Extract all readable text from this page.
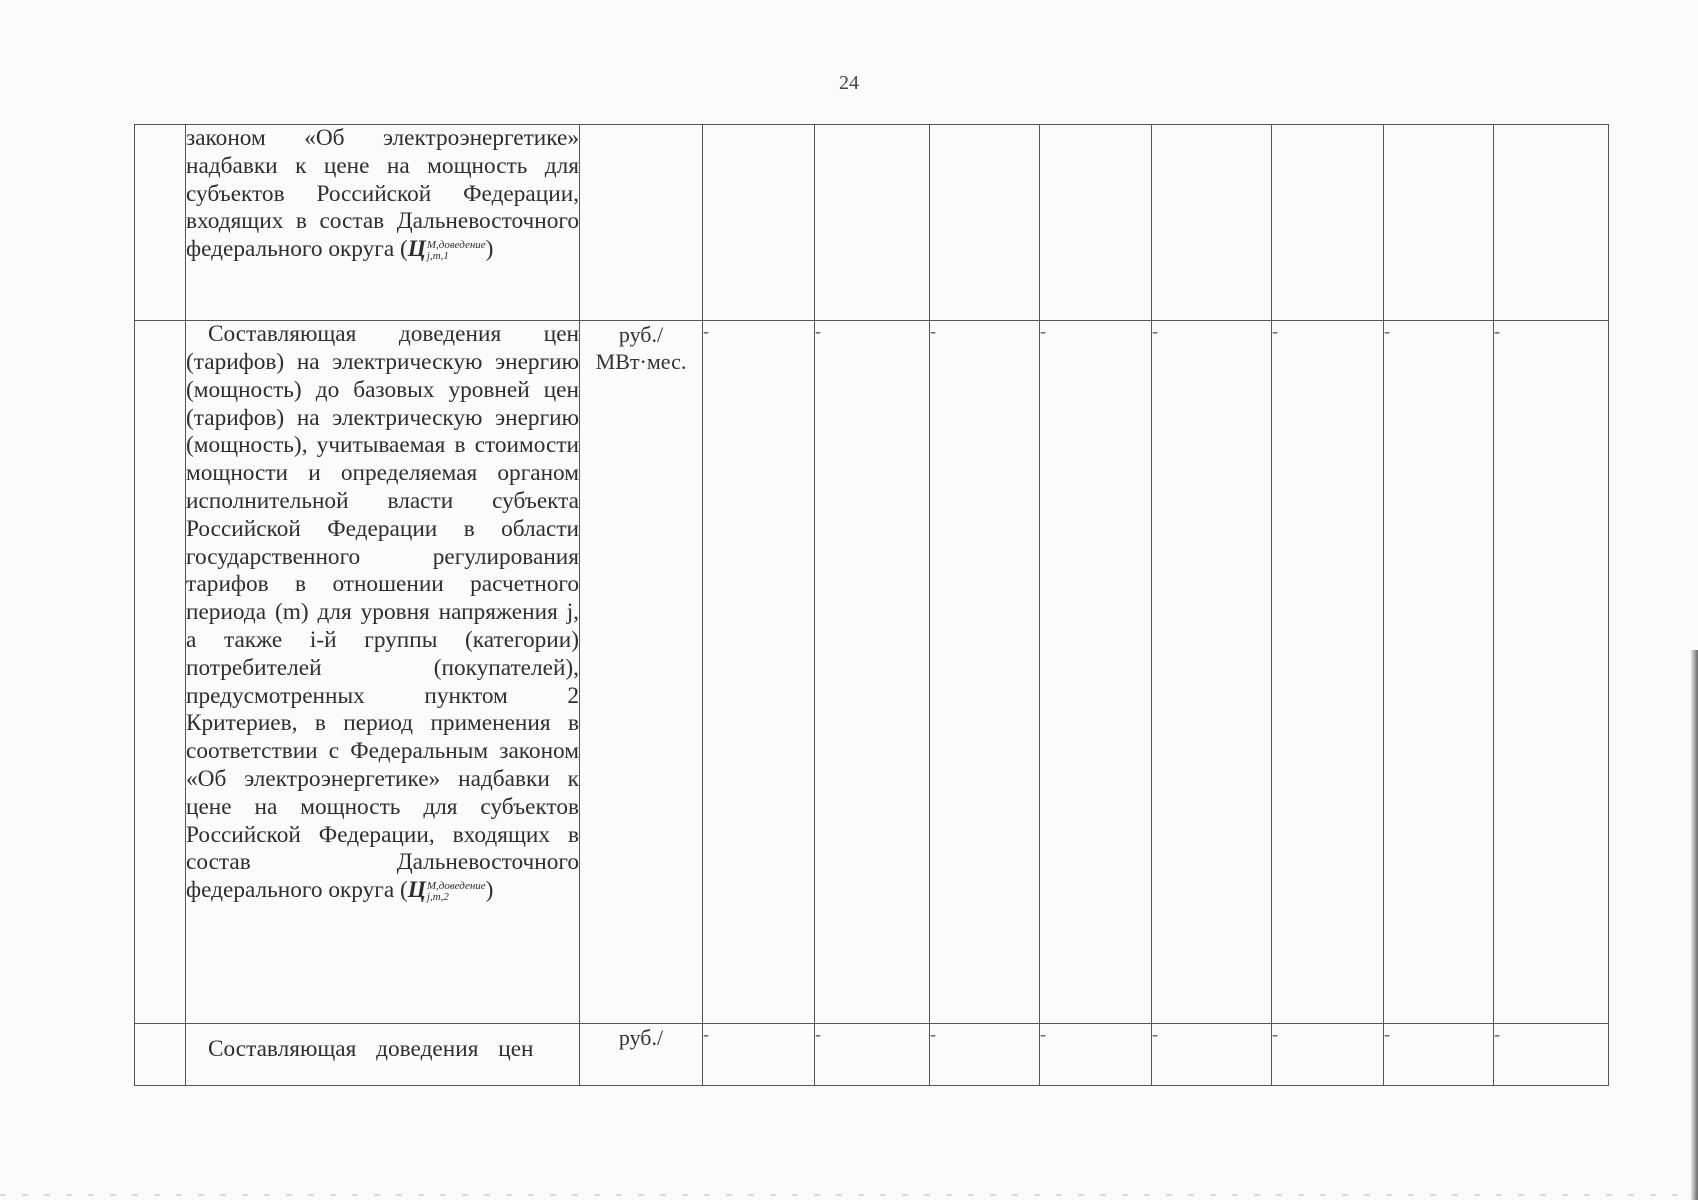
24
	законом «Об электроэнергетике» надбавки к цене на мощность для субъектов Российской Федерации, входящих в состав Дальневосточного федерального округа (Ц M,доведение
j,m,1 )									
	Составляющая доведения цен (тарифов) на электрическую энергию (мощность) до базовых уровней цен (тарифов) на электрическую энергию (мощность), учитываемая в стоимости мощности и определяемая органом исполнительной власти субъекта Российской Федерации в области государственного регулирования тарифов в отношении расчетного периода (m) для уровня напряжения j, а также i-й группы (категории) потребителей (покупателей), предусмотренных пунктом 2 Критериев, в период применения в соответствии с Федеральным законом «Об электроэнергетике» надбавки к цене на мощность для субъектов Российской Федерации, входящих в состав Дальневосточного федерального округа (Ц M,доведение
j,m,2 )	руб./ МВт·мес.	-	-	-	-	-	-	-	-
	Составляющая доведения цен	руб./	-	-	-	-	-	-	-	-
